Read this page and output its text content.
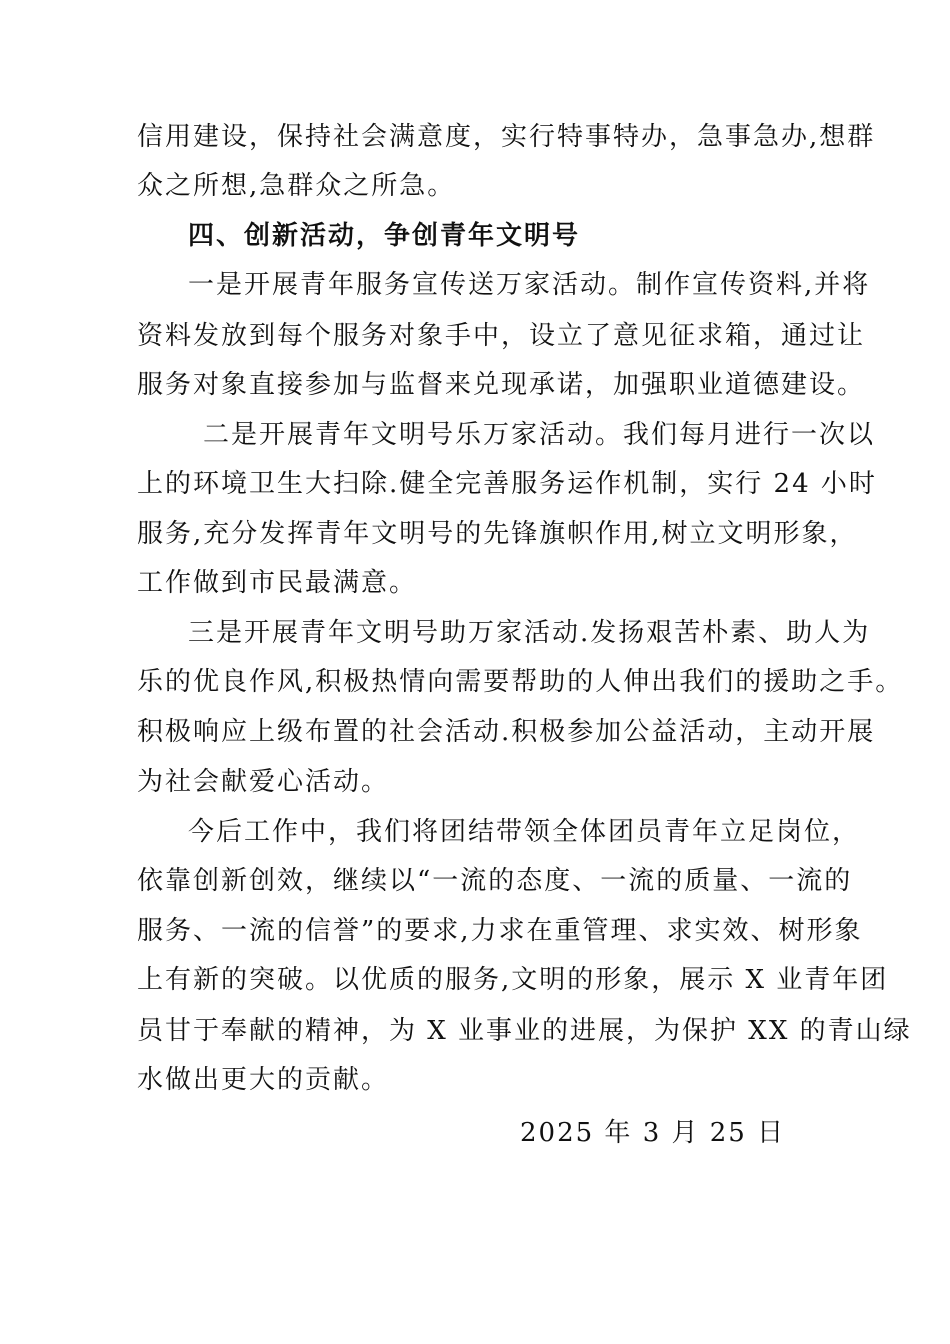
信用建设，保持社会满意度，实行特事特办，急事急办,想群
众之所想,急群众之所急。
四、创新活动，争创青年文明号
一是开展青年服务宣传送万家活动。制作宣传资料,并将
资料发放到每个服务对象手中，设立了意见征求箱，通过让
服务对象直接参加与监督来兑现承诺，加强职业道德建设。
二是开展青年文明号乐万家活动。我们每月进行一次以
上的环境卫生大扫除.健全完善服务运作机制，实行 24 小时
服务,充分发挥青年文明号的先锋旗帜作用,树立文明形象，
工作做到市民最满意。
三是开展青年文明号助万家活动.发扬艰苦朴素、助人为
乐的优良作风,积极热情向需要帮助的人伸出我们的援助之手。
积极响应上级布置的社会活动.积极参加公益活动，主动开展
为社会献爱心活动。
今后工作中，我们将团结带领全体团员青年立足岗位，
依靠创新创效，继续以“一流的态度、一流的质量、一流的
服务、一流的信誉”的要求,力求在重管理、求实效、树形象
上有新的突破。以优质的服务,文明的形象，展示 X 业青年团
员甘于奉献的精神，为 X 业事业的进展，为保护 XX 的青山绿
水做出更大的贡献。
2025 年 3 月 25 日
